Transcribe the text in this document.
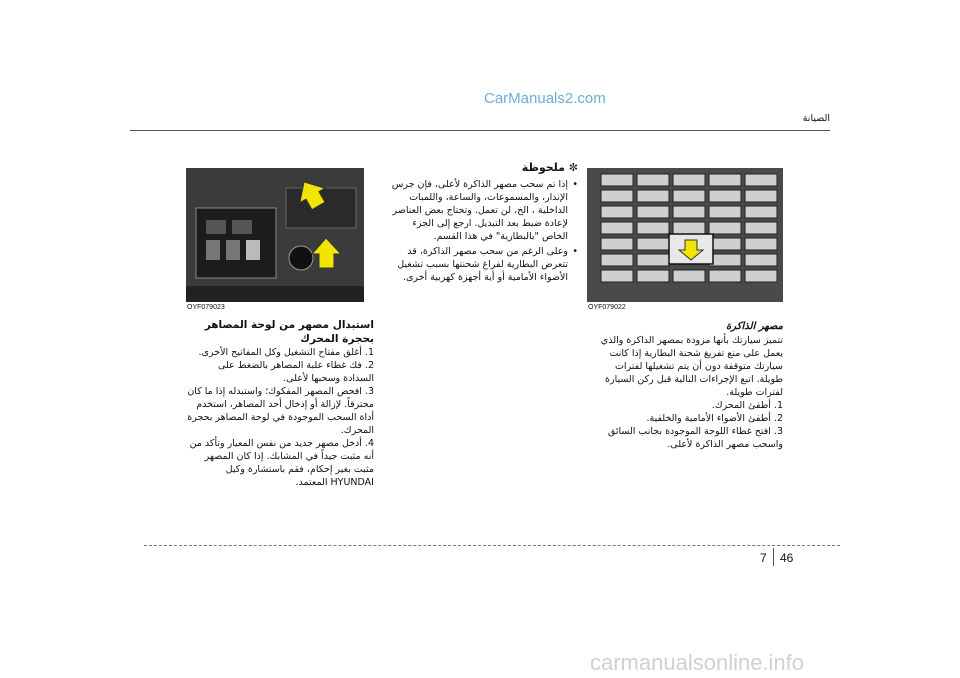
الصيانة
CarManuals2.com
OYF079023	OYF079022
استبدال مصهر من لوحة المصاهر بحجرة المحرك
1. أغلق مفتاح التشغيل وكل المفاتيح الأخرى.
2. فك غطاء علبة المصاهر بالضغط على السدادة وسحبها لأعلى.
3. افحص المصهر المفكوك؛ واستبدله إذا ما كان محترقاً. لإزالة أو إدخال أحد المصاهر، استخدم أداة السحب الموجودة في لوحة المصاهر بحجرة المحرك.
4. أدخل مصهر جديد من نفس المعيار وتأكد من أنه مثبت جيداً في المشابك. إذا كان المصهر مثبت بغير إحكام، فقم باستشارة وكيل HYUNDAI المعتمد.
✼ ملحوظة
•
إذا تم سحب مصهر الذاكرة لأعلى، فإن جرس الإنذار، والمسموعات، والساعة، واللمبات الداخلية ، الخ، لن تعمل. وتحتاج بعض العناصر لإعادة ضبط بعد التبديل. ارجع إلى الجزء الخاص "بالبطارية" في هذا القسم.
•
وعلى الرغم من سحب مصهر الذاكرة، قد تتعرض البطارية لفراغ شحنتها بسبب تشغيل الأضواء الأمامية أو أية أجهزة كهربية أخرى.
مصهر الذاكرة
تتميز سيارتك بأنها مزودة بمصهر الذاكرة والذي يعمل على منع تفريغ شحنة البطارية إذا كانت سيارتك متوقفة دون أن يتم تشغيلها لفترات طويلة. اتبع الإجراءات التالية قبل ركن السيارة لفترات طويلة.
1. أطفئ المحرك.
2. أطفئ الأضواء الأمامية والخلفية.
3. افتح غطاء اللوحة الموجودة بجانب السائق واسحب مصهر الذاكرة لأعلى.
7 46
carmanualsonline.info
